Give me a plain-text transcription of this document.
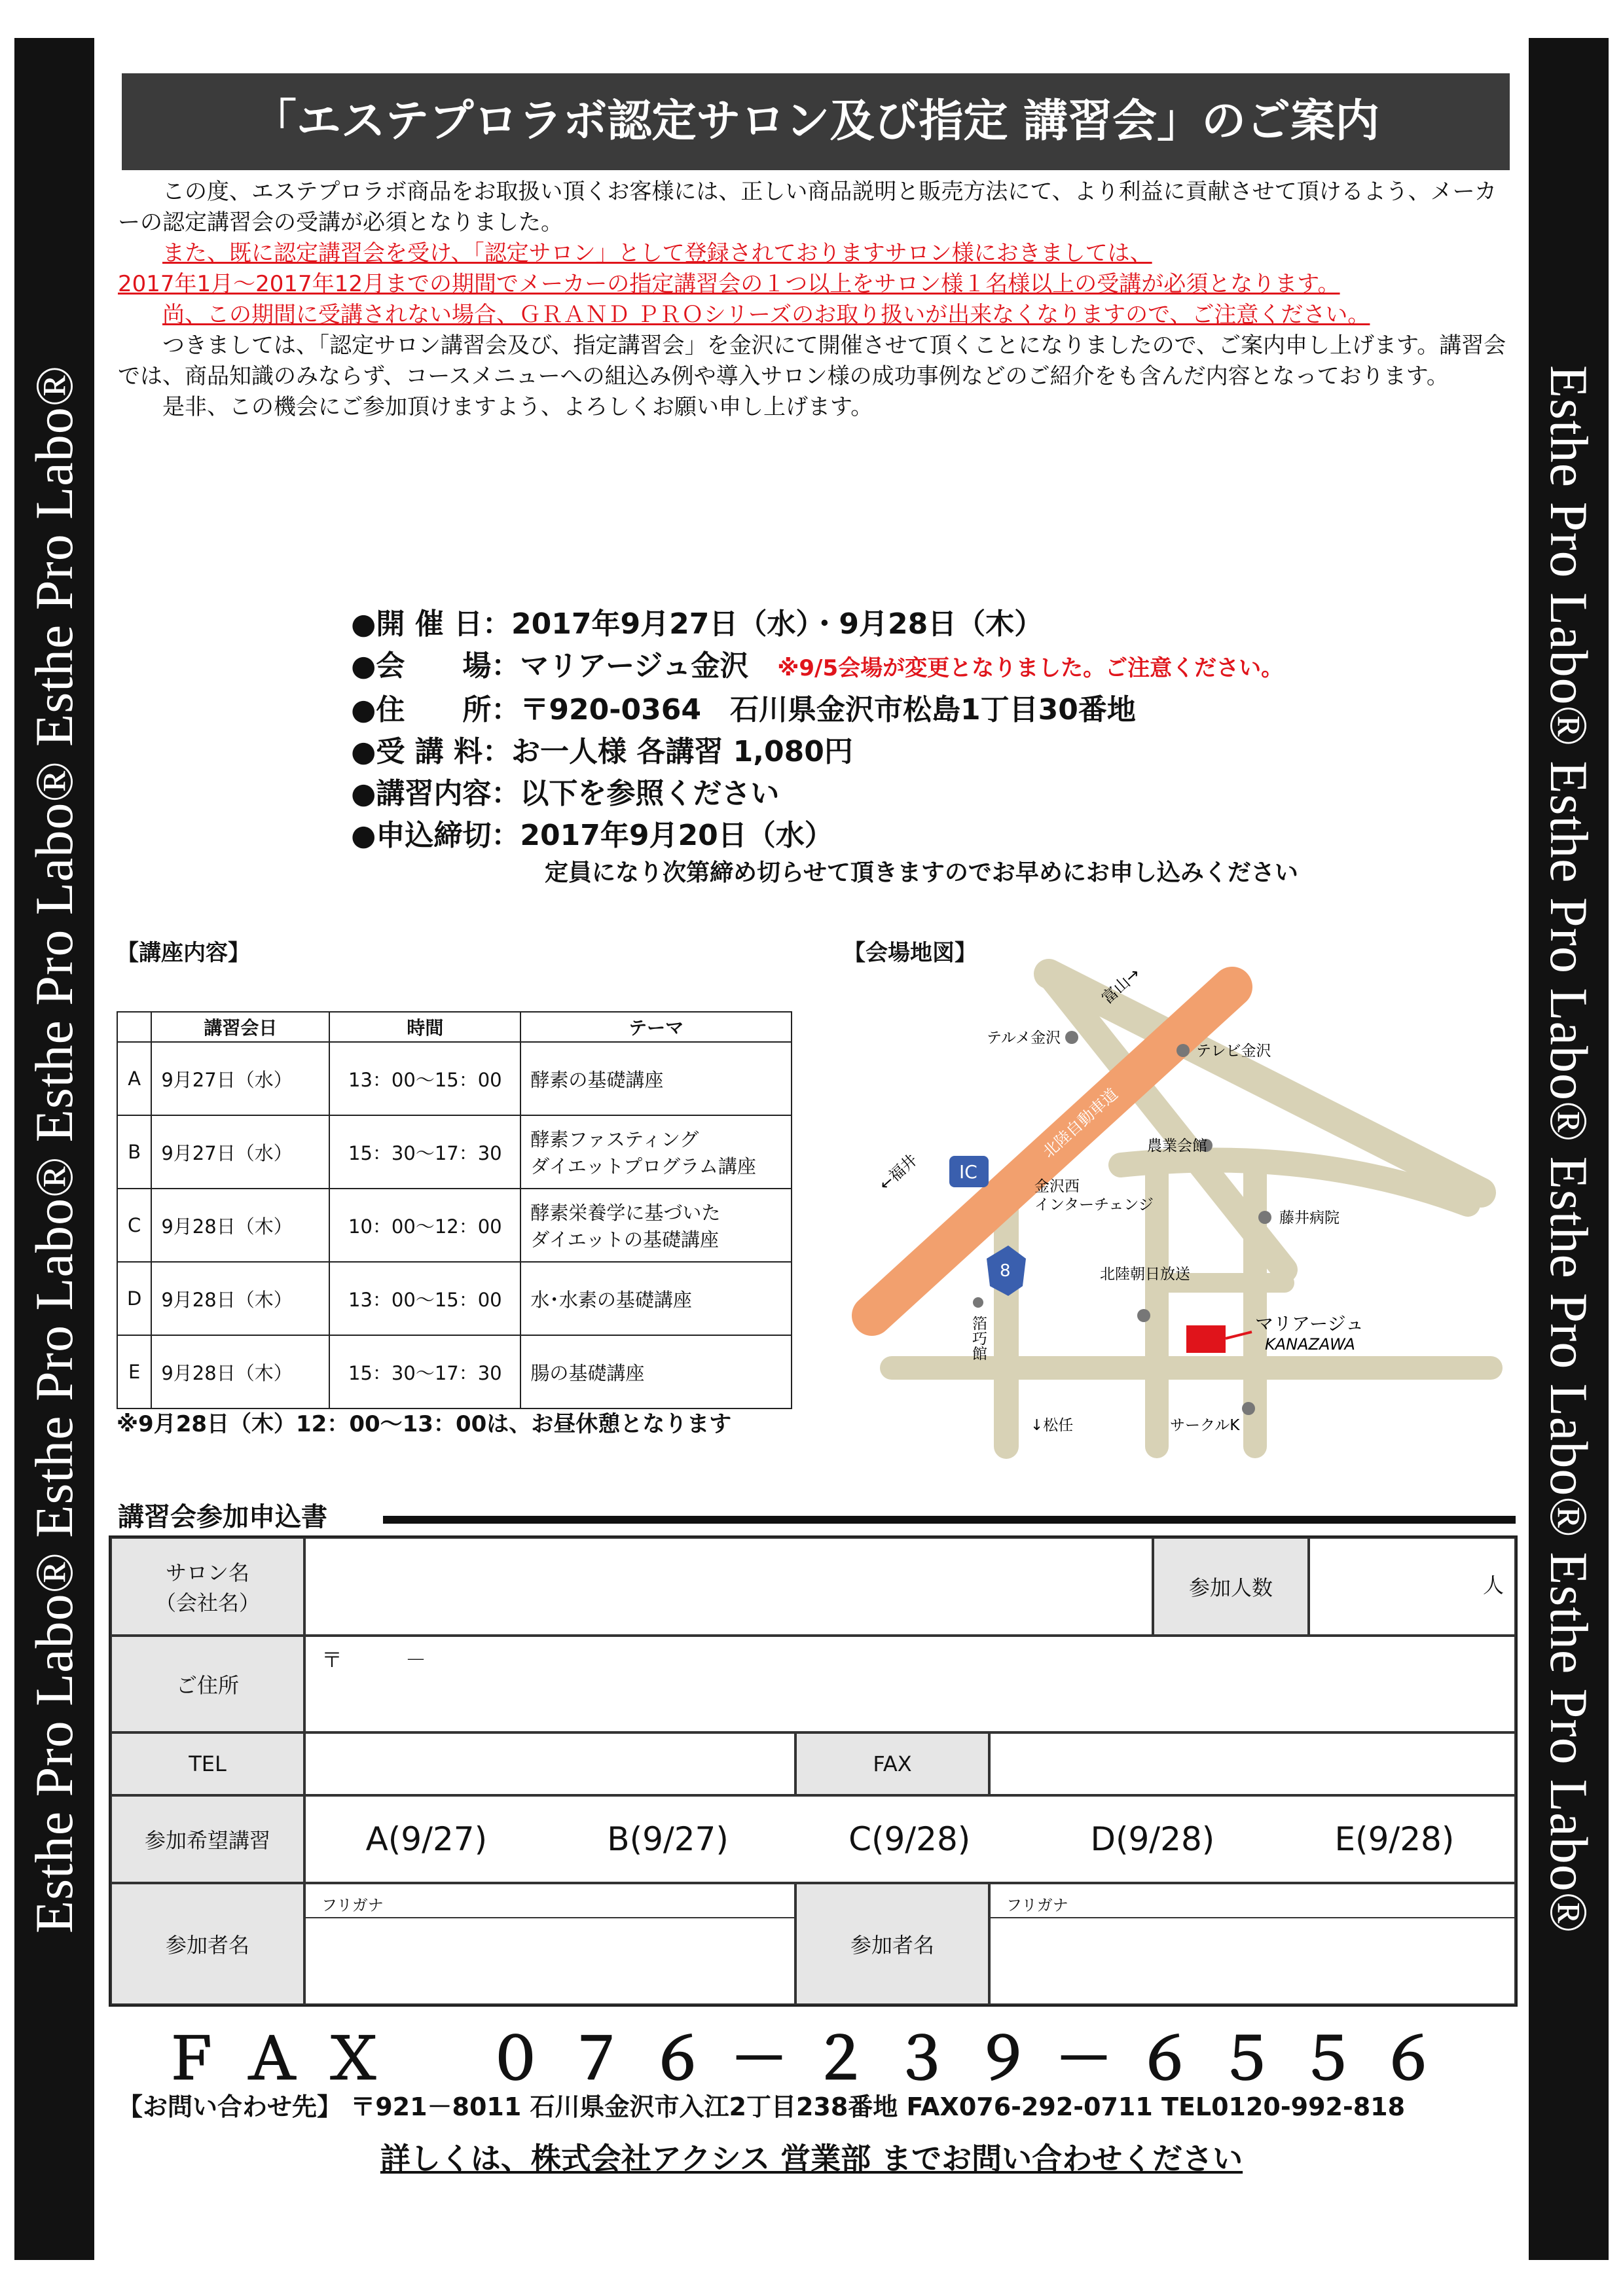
Esthe Pro Labo® Esthe Pro Labo® Esthe Pro Labo® Esthe Pro Labo®	Esthe Pro Labo® Esthe Pro Labo® Esthe Pro Labo® Esthe Pro Labo®
「エステプロラボ認定サロン及び指定 講習会」のご案内

この度、エステプロラボ商品をお取扱い頂くお客様には、正しい商品説明と販売方法にて、より利益に貢献させて頂けるよう、メーカーの認定講習会の受講が必須となりました。

また、既に認定講習会を受け、「認定サロン」として登録されておりますサロン様におきましては、

2017年1月～2017年12月までの期間でメーカーの指定講習会の１つ以上をサロン様１名様以上の受講が必須となります。

尚、この期間に受講されない場合、ＧＲＡＮＤ ＰＲＯシリーズのお取り扱いが出来なくなりますので、ご注意ください。

つきましては、「認定サロン講習会及び、指定講習会」を金沢にて開催させて頂くことになりましたので、ご案内申し上げます。講習会では、商品知識のみならず、コースメニューへの組込み例や導入サロン様の成功事例などのご紹介をも含んだ内容となっております。

是非、この機会にご参加頂けますよう、よろしくお願い申し上げます。

●開 催 日：2017年9月27日（水）・9月28日（木）
●会　　場：マリアージュ金沢　 ※9/5会場が変更となりました。ご注意ください。
●住　　所：〒920-0364　石川県金沢市松島1丁目30番地
●受 講 料：お一人様 各講習 1,080円
●講習内容：以下を参照ください
●申込締切：2017年9月20日（水）
定員になり次第締め切らせて頂きますのでお早めにお申し込みください
【講座内容】
	講習会日	時間	テーマ
A	9月27日（水）	13：00～15：00	酵素の基礎講座

B	9月27日（水）	15：30～17：30	酵素ファスティング
ダイエットプログラム講座

C	9月28日（木）	10：00～12：00	酵素栄養学に基づいた
ダイエットの基礎講座

D	9月28日（木）	13：00～15：00	水･水素の基礎講座

E	9月28日（木）	15：30～17：30	腸の基礎講座
※9月28日（木）12：00～13：00は、お昼休憩となります
【会場地図】
北陸自動車道
富山→
←福井
テルメ金沢
テレビ金沢
IC
金沢西
インターチェンジ
農業会館
藤井病院
北陸朝日放送
8
箔巧館	マリアージュ
KANAZAWA
サークルK
↓松任
講習会参加申込書
サロン名
（会社名）
参加人数	人
ご住所
〒　　　－
TEL	FAX
参加希望講習	A(9/27)	B(9/27)	C(9/28)	D(9/28)	E(9/28)
参加者名
フリガナ
参加者名
フリガナ
ＦＡＸ　０７６－２３９－６５５６
【お問い合わせ先】 〒921－8011 石川県金沢市入江2丁目238番地 FAX076-292-0711 TEL0120-992-818
詳しくは、株式会社アクシス 営業部 までお問い合わせください
